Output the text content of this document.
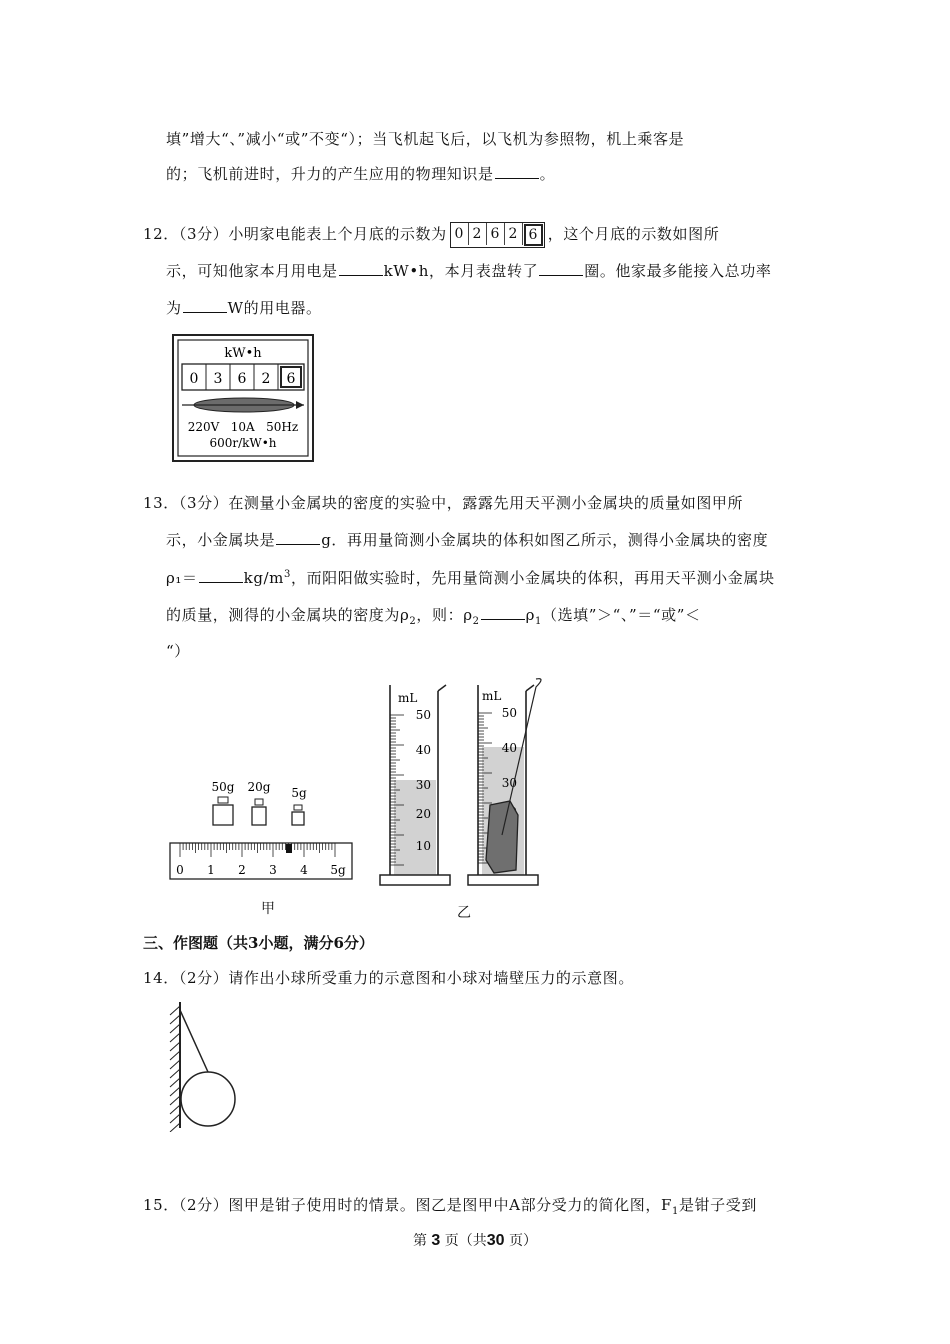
填”增大“、”减小“或”不变“）；当飞机起飞后，以飞机为参照物，机上乘客是
的；飞机前进时，升力的产生应用的物理知识是	。
12．（3分）小明家电能表上个月底的示数为 0 2 6 2 6 ，这个月底的示数如图所
示，可知他家本月用电是	kW•h，本月表盘转了	圈。他家最多能接入总功率
为	W的用电器。
kW•h
0 3 6 2 6
220V   10A   50Hz
600r/kW•h
13．（3分）在测量小金属块的密度的实验中，露露先用天平测小金属块的质量如图甲所
示，小金属块是	g．再用量筒测小金属块的体积如图乙所示，测得小金属块的密度
ρ₁＝	$kg/m^3$，而阳阳做实验时，先用量筒测小金属块的体积，再用天平测小金属块
的质量，测得的小金属块的密度为$\rho_2$，则：$\rho_2$	$\rho_1$（选填”＞“、”＝“或”＜
“）
50g 20g 5g
0 1 2 3 4 5g
mL
50
40
30
20
10
mL
50
40
30
甲	乙
三、作图题（共3小题，满分6分）
14．（2分）请作出小球所受重力的示意图和小球对墙壁压力的示意图。
15．（2分）图甲是钳子使用时的情景。图乙是图甲中A部分受力的简化图，$F_1$是钳子受到
第 3 页（共30 页）
